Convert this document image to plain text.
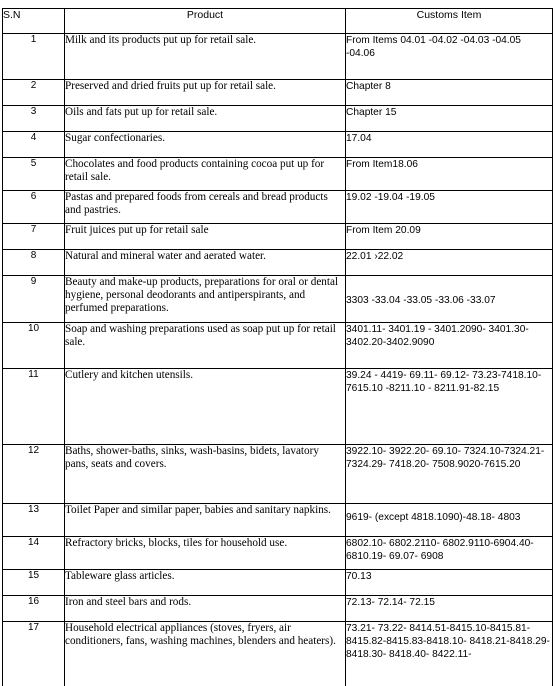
S.N	Product	Customs Item
1	Milk and its products put up for retail sale.	From Items 04.01 -04.02 -04.03 -04.05 -04.06
2	Preserved and dried fruits put up for retail sale.	Chapter 8
3	Oils and fats put up for retail sale.	Chapter 15
4	Sugar confectionaries.	17.04
5	Chocolates and food products containing cocoa put up for retail sale.	From Item18.06
6	Pastas and prepared foods from cereals and bread products and pastries.	19.02 -19.04 -19.05
7	Fruit juices put up for retail sale	From Item 20.09
8	Natural and mineral water and aerated water.	22.01 ›22.02
9	Beauty and make-up products, preparations for oral or dental hygiene, personal deodorants and antiperspirants, and perfumed preparations.	3303 -33.04 -33.05 -33.06 -33.07
10	Soap and washing preparations used as soap put up for retail sale.	3401.11- 3401.19 - 3401.2090- 3401.30-3402.20-3402.9090
11	Cutlery and kitchen utensils.	39.24 - 4419- 69.11- 69.12- 73.23-7418.10- 7615.10 -8211.10 - 8211.91-82.15
12	Baths, shower-baths, sinks, wash-basins, bidets, lavatory pans, seats and covers.	3922.10- 3922.20- 69.10- 7324.10-7324.21- 7324.29- 7418.20- 7508.9020-7615.20
13	Toilet Paper and similar paper, babies and sanitary napkins.	9619- (except 4818.1090)-48.18- 4803
14	Refractory bricks, blocks, tiles for household use.	6802.10- 6802.2110- 6802.9110-6904.40- 6810.19- 69.07- 6908
15	Tableware glass articles.	70.13
16	Iron and steel bars and rods.	72.13- 72.14- 72.15
17	Household electrical appliances (stoves, fryers, air conditioners, fans, washing machines, blenders and heaters).	73.21- 73.22- 8414.51-8415.10-8415.81-8415.82-8415.83-8418.10- 8418.21-8418.29- 8418.30- 8418.40- 8422.11-
